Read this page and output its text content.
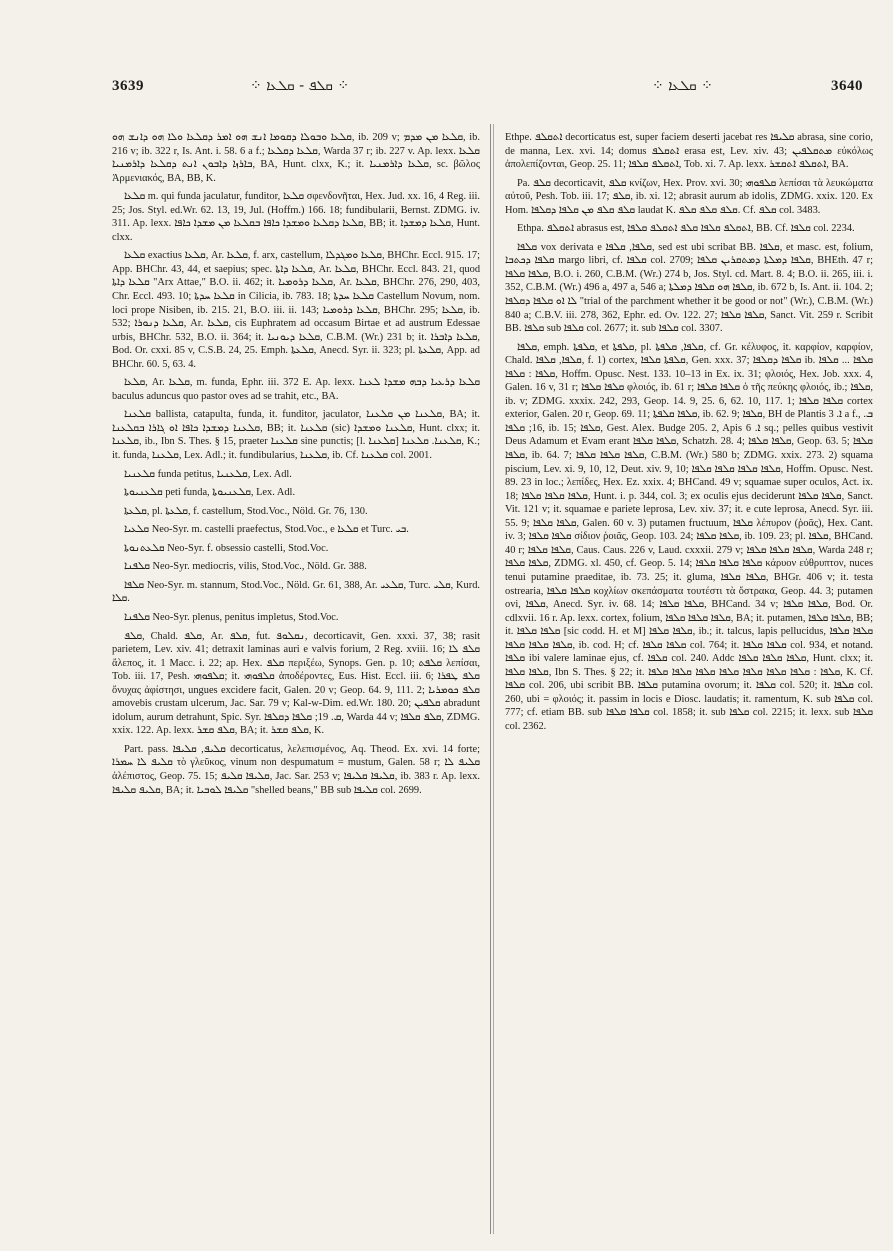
3639	⁘ ܩܠܦ - ܩܠܥܐ ⁘	⁘ ܩܠܥܐ ⁘	3640

ܩܠܥܐ ܘܒܘܠܐ ܕܩܘܡܐ ܐܢܫ ܗܘ ܐܡܪ ܕܩܠܥܐ ܘܠܐ ܗܘ ܕܐܢܫ ܗܘ, ib. 209 v; ܩܠܥܐ ܡܢ ܡܕܡ, ib. 216 v; ib. 322 r, Is. Ant. i. 58. 6 a f.; ܩܠܥܐ ܕܩܠܥܐ, Warda 37 r; ib. 227 v. Ap. lexx. ܩܠܥܐ ܒܐܪܙܐ ܕܐܒܘܢ ܐܢܬ ܕܩܠܥܐ ܕܐܪܡܢܝܐ, BA, Hunt. clxx, K.; it. ܩܠܥܐ ܕܐܪܡܢܝܐ, sc. βῶλος Ἀρμενιακός, BA, BB, K.

ܩܠܥܐ m. qui funda jaculatur, funditor, ܩܠܥܐ σφενδονῆται, Hex. Jud. xx. 16, 4 Reg. iii. 25; Jos. Styl. ed.Wr. 62. 13, 19, Jul. (Hoffm.) 166. 18; fundibularii, Bernst. ZDMG. iv. 311. Ap. lexx. ܩܠܥܐ ܕܩܠܥܐ ܘܡܫܕܐ ܟܐܦܐ ܒܩܠܥܐ ܡܢ ܡܫܕܐ ܟܐܦܐ, BB; it. ܩܠܥܐ ܕܡܫܕܐ, Hunt. clxx.

ܩܠܥܐ exactius ܩܠܥܐ, Ar. ܩܠܥܐ, f. arx, castellum, ܩܠܥܐ ܘܡܓܕܠܐ, BHChr. Eccl. 915. 17; App. BHChr. 43, 44, et saepius; spec. ܩܠܥܐ ܕܐܬܐ, Ar. ܩܠܥܐ, BHChr. Eccl. 843. 21, quod ܩܠܥܐ ܕܐܬܐ "Arx Attae," B.O. ii. 462; it. ܩܠܥܐ ܕܪܘܡܝܐ, Ar. ܩܠܥܐ, BHChr. 276, 290, 403, Chr. Eccl. 493. 10; ܩܠܥܐ ܚܕܬܐ in Cilicia, ib. 783. 18; ܩܠܥܐ ܚܕܬܐ Castellum Novum, nom. loci prope Nisiben, ib. 215. 21, B.O. iii. ii. 143; ܩܠܥܐ ܕܪܘܡܝܐ, BHChr. 295; ܩܠܥܐ, ib. 532; ܩܠܥܐ ܕܢܘܪܐ, Ar. ܩܠܥܐ, cis Euphratem ad occasum Birtae et ad austrum Edessae urbis, BHChr. 532, B.O. ii. 364; it. ܩܠܥܐ ܕܝܘܢܝܐ, C.B.M. (Wr.) 231 b; it. ܩܠܥܐ ܕܐܒܪܐ, Bod. Or. cxxi. 85 v, C.S.B. 24, 25. Emph. ܩܠܥܬܐ, Anecd. Syr. ii. 323; pl. ܩܠܥܬܐ, App. ad BHChr. 60. 5, 63. 4.

ܩܠܥܐ, Ar. ܩܠܥܐ, m. funda, Ephr. iii. 372 E. Ap. lexx. ܩܠܥܐ ܕܪܥܝܐ ܕܒܗ ܡܫܕܐ ܠܥܢܐ baculus aduncus quo pastor oves ad se trahit, etc., BA.

ܩܠܥܢܐ ballista, catapulta, funda, it. funditor, jaculator, ܩܠܥܢܐ ܡܢ ܩܠܥܢܐ, BA; it. ܩܠܥܢܐ ܕܡܫܕܐ ܟܐܦܐ ܐܘ ܓܐܪܐ ܒܩܠܥܢܐ, BB; it. ܩܠܥܢܐ (sic) ܩܠܥܢܐ ܘܡܫܕܐ, Hunt. clxx; it. ܩܠܥܢܐ, ib., Ibn S. Thes. § 15, praeter ܩܠܥܢܐ sine punctis; [l. ܩܠܥܢܐ] ܩܠܥܢܐ. ܩܠܥܢܐ, K.; it. funda, ܩܠܥܢܐ, Lex. Adl.; it. fundibularius, ܩܠܥܢܐ, ib. Cf. ܩܠܥܢܐ col. 2001.

ܩܠܥܢܝܐ funda petitus, ܩܠܥܢܝܐ, Lex. Adl.

ܩܠܥܢܝܘܬܐ peti funda, ܩܠܥܢܝܘܬܐ, Lex. Adl.

ܩܠܥܬܐ, pl. ܩܠܥܬܐ, f. castellum, Stod.Voc., Nöld. Gr. 76, 130.

ܩܠܥܝܐ Neo-Syr. m. castelli praefectus, Stod.Voc., e ܩܠܥܐ et Turc. ܒܝ.

ܩܠܥܬܢܘܬܐ Neo-Syr. f. obsessio castelli, Stod.Voc.

ܩܠܦܢܐ Neo-Syr. mediocris, vilis, Stod.Voc., Nöld. Gr. 388.

ܩܠܦܐ Neo-Syr. m. stannum, Stod.Voc., Nöld. Gr. 61, 388, Ar. ܩܠܥܝ, Turc. ܩܠܝ, Kurd. ܩܠܐ.

ܩܠܦܢܐ Neo-Syr. plenus, penitus impletus, Stod.Voc.

ܩܠܦ, Chald. ܩܠܦ, Ar. ܩܠܦ, fut. ܢܩܠܘܦ, decorticavit, Gen. xxxi. 37, 38; rasit parietem, Lev. xiv. 41; detraxit laminas auri e valvis forium, 2 Reg. xviii. 16; ܩܠܦ ܠܐ ἄλεπος, it. 1 Macc. i. 22; ap. Hex. ܩܠܦ περιξέω, Synops. Gen. p. 10; ܩܠܦܬ λεπίσαι, Tob. iii. 17, Pesh. ܩܠܦܘܗܝ; it. ܩܠܦܘܗܝ ἀποδέροντες, Eus. Hist. Eccl. iii. 6; ܩܠܦ ܛܦܪܐ ὄνυχας ἀφίστησι, ungues excidere facit, Galen. 20 v; Geop. 64. 9, 111. 2; ܩܠܦ ܟܘܡܪܝܐ amovebis crustam ulcerum, Jac. Sar. 79 v; Kal-w-Dim. ed.Wr. 180. 20; ܩܠܦܝܢ abradunt idolum, aurum detrahunt, Spic. Syr. ܩ. 19; ܩܠܦܐ ܕܩܠܦܐ, Warda 44 v; ܩܠܦ ܩܠܦܐ, ZDMG. xxix. 122. Ap. lexx. ܩܠܦ ܩܫܪ, BA; it. ܩܠܦ ܩܫܪ, K.

Part. pass. ܩܠܝܦ, ܩܠܝܦܐ decorticatus, λελεπισμένος, Aq. Theod. Ex. xvi. 14 forte; ܩܠܝܦ ܠܐ ܚܡܪܐ τὸ γλεῦκος, vinum non despumatum = mustum, Galen. 58 r; ܩܠܝܦ ܠܐ ἀλέπιστος, Geop. 75. 15; ܩܠܝܦܐ ܩܠܝܦ, Jac. Sar. 253 v; ܩܠܝܦܐ ܩܠܝܦܐ, ib. 383 r. Ap. lexx. ܩܠܝܦ ܩܠܝܦܐ, BA; it. ܩܠܝܦܐ ܠܘܒܝܐ "shelled beans," BB sub ܩܠܝܦܐ col. 2699.

Ethpe. ܐܬܩܠܦ decorticatus est, super faciem deserti jacebat res ܩܠܝܦܐ abrasa, sine corio, de manna, Lex. xvi. 14; domus ܐܬܩܠܦ erasa est, Lev. xiv. 43; ܡܬܩܠܦܝܢ εὐκόλως ἀπολεπίζονται, Geop. 25. 11; ܐܬܩܠܦ ܩܠܦܐ, Tob. xi. 7. Ap. lexx. ܐܬܩܠܦ ܐܬܩܫܪ, BA.

Pa. ܩܠܦ decorticavit, ܩܠܦ κνίζων, Hex. Prov. xvi. 30; ܩܠܦܘܗܝ λεπίσαι τὰ λευκώματα αὐτοῦ, Pesh. Tob. iii. 17; ܩܠܦ, ib. xi. 12; abrasit aurum ab idolis, ZDMG. xxix. 120. Ex Hom. ܩܠܦ ܩܠܦ ܡܢ ܩܠܦܐ ܕܩܠܦܐ laudat K. ܩܠܦ ܩܠܦ ܩܠܦ. Cf. ܩܠܦ col. 3483.

Ethpa. ܐܬܩܠܦ abrasus est, ܐܬܩܠܦ ܩܠܦܐ ܩܠܦ ܐܬܩܠܦ ܩܠܦܐ, BB. Cf. ܩܠܦܐ col. 2234.

ܩܠܦܐ vox derivata e ܩܠܦܐ, ܩܠܦܐ, sed est ubi scribat BB. ܩܠܦܐ, et masc. est, folium, ܩܠܦܐ ܕܟܬܒܐ margo libri, cf. ܩܠܦܐ col. 2709; ܩܠܦܐ ܕܡܠܬܐ ܕܡܬܩܪܝܢ ܩܠܦܐ, BHEth. 47 r; ܩܠܦܐ ܩܠܦܐ, B.O. i. 260, C.B.M. (Wr.) 274 b, Jos. Styl. cd. Mart. 8. 4; B.O. ii. 265, iii. i. 352, C.B.M. (Wr.) 496 a, 497 a, 546 a; ܩܠܦܐ ܗܘ ܩܠܦܐ ܕܡܠܬܐ, ib. 672 b, Is. Ant. ii. 104. 2; ܠܐ ܐܘ ܩܠܦܐ ܕܩܠܦܐ "trial of the parchment whether it be good or not" (Wr.), C.B.M. (Wr.) 840 a; C.B.V. iii. 278, 362, Ephr. ed. Ov. 122. 27; ܩܠܦܐ ܩܠܦܐ, Sanct. Vit. 259 r. Scribit BB. ܩܠܦܐ sub ܩܠܦܐ col. 2677; it. sub ܩܠܦܐ col. 3307.

ܩܠܦܐ, emph. ܩܠܦܬܐ, et ܩܠܦܬܐ, pl. ܩܠܦܐ, ܩܠܦܬܐ, cf. Gr. κέλυφος, it. καρφίον, καρφίον, Chald. ܩܠܦܐ, ܩܠܦܐ, f. 1) cortex, ܩܠܦܬܐ ܩܠܦܐ, Gen. xxx. 37; ܩܠܦܐ ܕܩܠܦܐ ib. ܩܠܦܐ ... ܩܠܦܐ ܩܠܦܐ : ܩܠܦܐ, Hoffm. Opusc. Nest. 133. 10–13 in Ex. ix. 31; φλοιός, Hex. Job. xxx. 4, Galen. 16 v, 31 r; ܩܠܦܐ ܩܠܦܐ φλοιός, ib. 61 r; ܩܠܦܐ ܩܠܦܐ ὁ τῆς πεύκης φλοιός, ib.; ܩܠܦܐ, ib. v; ZDMG. xxxix. 242, 293, Geop. 14. 9, 25. 6, 62. 10, 117. 1; ܩܠܦܐ ܩܠܦܐ cortex exterior, Galen. 20 r, Geop. 69. 11; ܩܠܦܐ ܩܠܦܬܐ, ib. 62. 9; ܩܠܦܐ, BH de Plantis ܐ. 3 a f., ܒ. 16; ܩܠܦܐ, ib. 15; ܩܠܦܐ, Gest. Alex. Budge 205. 2, Apis ܐ. 6 sq.; pelles quibus vestivit Deus Adamum et Evam erant ܩܠܦܐ ܩܠܦܐ, Schatzh. 28. 4; ܩܠܦܐ ܩܠܦܐ, Geop. 63. 5; ܩܠܦܐ ܩܠܦܐ, ib. 64. 7; ܩܠܦܐ ܩܠܦܐ ܩܠܦܐ, C.B.M. (Wr.) 580 b; ZDMG. xxix. 273. 2) squama piscium, Lev. xi. 9, 10, 12, Deut. xiv. 9, 10; ܩܠܦܐ ܩܠܦܐ ܩܠܦܐ ܩܠܦܐ, Hoffm. Opusc. Nest. 89. 23 in loc.; λεπίδες, Hex. Ez. xxix. 4; BHCand. 49 v; squamae super oculos, Act. ix. 18; ܩܠܦܐ ܩܠܦܐ ܩܠܦܐ, Hunt. i. p. 344, col. 3; ex oculis ejus deciderunt ܩܠܦܐ ܩܠܦܐ, Sanct. Vit. 121 v; it. squamae e pariete leprosa, Lev. xiv. 37; it. e cute leprosa, Anecd. Syr. iii. 55. 9; ܩܠܦܐ ܩܠܦܐ, Galen. 60 v. 3) putamen fructuum, ܩܠܦܐ λέπυρον (ῥοᾶς), Hex. Cant. iv. 3; ܩܠܦܐ ܩܠܦܐ σίδιον ῥοιᾶς, Geop. 103. 24; ܩܠܦܐ ܩܠܦܐ, ib. 109. 23; pl. ܩܠܦܐ, BHCand. 40 r; ܩܠܦܐ ܩܠܦܐ, Caus. Caus. 226 v, Laud. cxxxii. 279 v; ܩܠܦܐ ܩܠܦܐ ܩܠܦܐ, Warda 248 r; ܩܠܦܐ ܩܠܦܐ, ZDMG. xl. 450, cf. Geop. 5. 14; ܩܠܦܐ ܩܠܦܐ ܩܠܦܐ κάρυον εὐθρυπτον, nuces tenui putamine praeditae, ib. 73. 25; it. gluma, ܩܠܦܐ ܩܠܦܐ, BHGr. 406 v; it. testa ostrearia, ܩܠܦܐ ܩܠܦܐ κοχλίων σκεπάσματα τουτέστι τὰ ὄστρακα, Geop. 44. 3; putamen ovi, ܩܠܦܐ, Anecd. Syr. iv. 68. 14; ܩܠܦܐ ܩܠܦܐ, BHCand. 34 v; ܩܠܦܐ ܩܠܦܐ, Bod. Or. cdlxvii. 16 r. Ap. lexx. cortex, folium, ܩܠܦܐ ܩܠܦܐ ܩܠܦܐ, BA; it. putamen, ܩܠܦܐ ܩܠܦܐ, BB; it. ܩܠܦܐ ܩܠܦܐ [sic codd. H. et M] ܩܠܦܐ ܩܠܦܐ, ib.; it. talcus, lapis pellucidus, ܩܠܦܐ ܩܠܦܐ ܩܠܦܐ ܩܠܦܐ ܩܠܦܐ, ib. cod. H; cf. ܩܠܦܐ ܩܠܦܐ col. 764; it. ܩܠܦܐ ܩܠܦܐ col. 934, et notand. ܩܠܦܐ ibi valere laminae ejus, cf. ܩܠܦܐ col. 240. Addc ܩܠܦܐ ܩܠܦܐ ܩܠܦܐ, Hunt. clxx; it. ܩܠܦܐ ܩܠܦܐ, Ibn S. Thes. § 22; it. ܩܠܦܐ : ܩܠܦܐ ܩܠܦܐ ܩܠܦܐ ܩܠܦܐ ܩܠܦܐ ܩܠܦܐ ܩܠܦܐ, K. Cf. ܩܠܦܐ col. 206, ubi scribit BB. ܩܠܦܐ putamina ovorum; it. ܩܠܦܐ col. 520; it. ܩܠܦܐ col. 260, ubi = φλοιός; it. passim in locis e Diosc. laudatis; it. ramentum, K. sub ܩܠܦܐ col. 777; cf. etiam BB. sub ܩܠܦܐ ܩܠܦܐ col. 1858; it. sub ܩܠܦܐ col. 2215; it. lexx. sub ܩܠܦܐ col. 2362.
